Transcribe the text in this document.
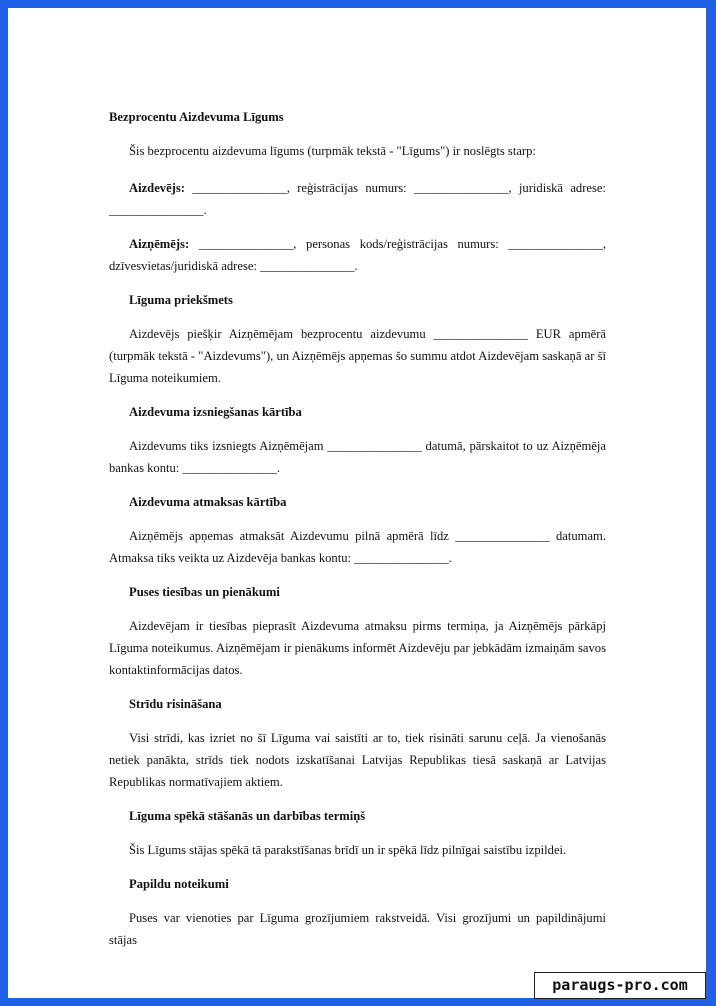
Bezprocentu Aizdevuma Līgums

Šis bezprocentu aizdevuma līgums (turpmāk tekstā - "Līgums") ir noslēgts starp:

Aizdevējs: _______________, reģistrācijas numurs: _______________, juridiskā adrese: _______________.

Aizņēmējs: _______________, personas kods/reģistrācijas numurs: _______________, dzīvesvietas/juridiskā adrese: _______________.

Līguma priekšmets

Aizdevējs piešķir Aizņēmējam bezprocentu aizdevumu _______________ EUR apmērā (turpmāk tekstā - "Aizdevums"), un Aizņēmējs apņemas šo summu atdot Aizdevējam saskaņā ar šī Līguma noteikumiem.

Aizdevuma izsniegšanas kārtība

Aizdevums tiks izsniegts Aizņēmējam _______________ datumā, pārskaitot to uz Aizņēmēja bankas kontu: _______________.

Aizdevuma atmaksas kārtība

Aizņēmējs apņemas atmaksāt Aizdevumu pilnā apmērā līdz _______________ datumam. Atmaksa tiks veikta uz Aizdevēja bankas kontu: _______________.

Puses tiesības un pienākumi

Aizdevējam ir tiesības pieprasīt Aizdevuma atmaksu pirms termiņa, ja Aizņēmējs pārkāpj Līguma noteikumus. Aizņēmējam ir pienākums informēt Aizdevēju par jebkādām izmaiņām savos kontaktinformācijas datos.

Strīdu risināšana

Visi strīdi, kas izriet no šī Līguma vai saistīti ar to, tiek risināti sarunu ceļā. Ja vienošanās netiek panākta, strīds tiek nodots izskatīšanai Latvijas Republikas tiesā saskaņā ar Latvijas Republikas normatīvajiem aktiem.

Līguma spēkā stāšanās un darbības termiņš

Šis Līgums stājas spēkā tā parakstīšanas brīdī un ir spēkā līdz pilnīgai saistību izpildei.

Papildu noteikumi

Puses var vienoties par Līguma grozījumiem rakstveidā. Visi grozījumi un papildinājumi stājas

paraugs-pro.com
